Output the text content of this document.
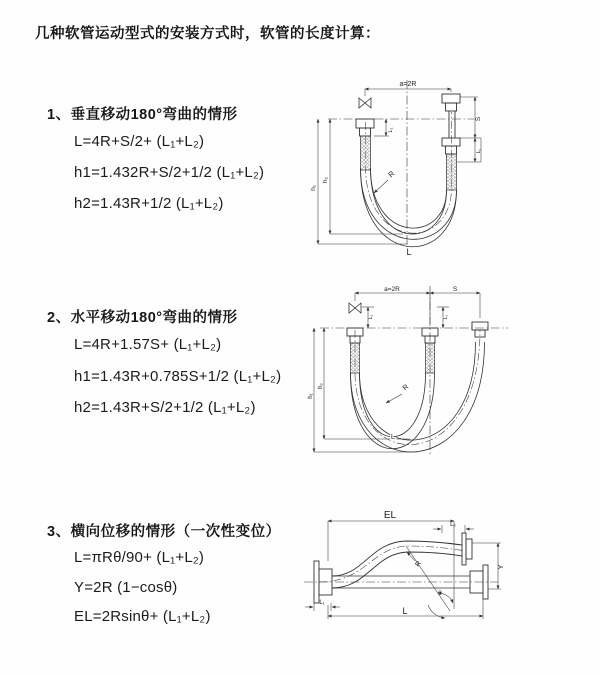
几种软管运动型式的安装方式时，软管的长度计算：
1、垂直移动180°弯曲的情形
L=4R+S/2+ (L₁+L₂)
h1=1.432R+S/2+1/2 (L₁+L₂)
h2=1.43R+1/2 (L₁+L₂)
2、水平移动180°弯曲的情形
L=4R+1.57S+ (L₁+L₂)
h1=1.43R+0.785S+1/2 (L₁+L₂)
h2=1.43R+S/2+1/2 (L₁+L₂)
3、横向位移的情形（一次性变位）
L=πRθ/90+ (L₁+L₂)
Y=2R (1−cosθ)
EL=2Rsinθ+ (L₁+L₂)
a=2R
h₁
h₂
L₁
S
L₁
R
L
a=2R	S
h₁
h₂
L₁	L₁
R
L
EL
L₂
Y
L₁
L
R
θ
